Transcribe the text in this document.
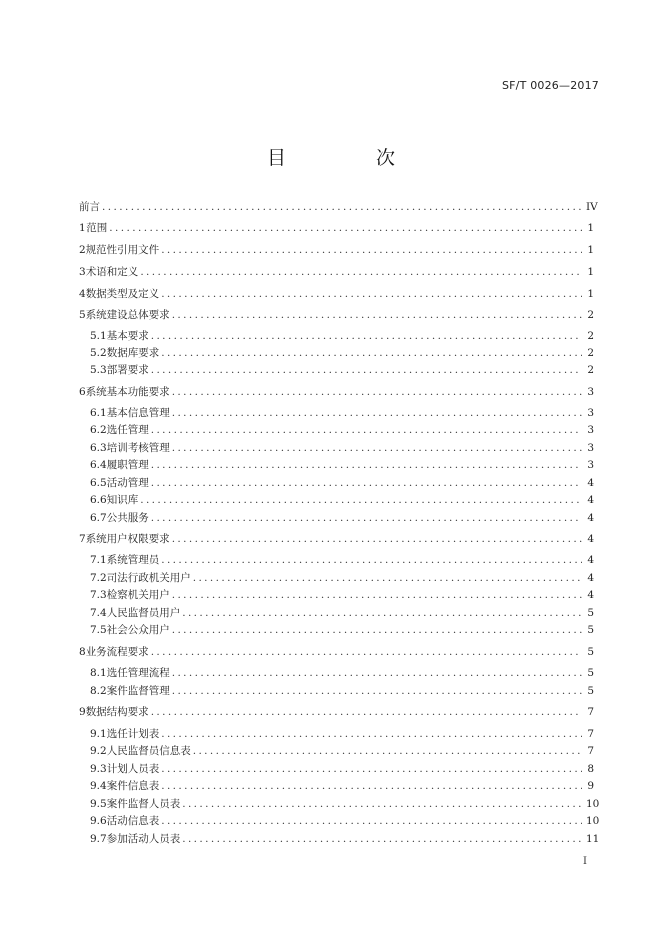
SF/T 0026—2017
目 次
前言 .....	IV
1 范围 .....	1
2 规范性引用文件 .....	1
3 术语和定义 .....	1
4 数据类型及定义 .....	1
5 系统建设总体要求 .....	2
5.1 基本要求 .....	2
5.2 数据库要求 .....	2
5.3 部署要求 .....	2
6 系统基本功能要求 .....	3
6.1 基本信息管理 .....	3
6.2 选任管理 .....	3
6.3 培训考核管理 .....	3
6.4 履职管理 .....	3
6.5 活动管理 .....	4
6.6 知识库 .....	4
6.7 公共服务 .....	4
7 系统用户权限要求 .....	4
7.1 系统管理员 .....	4
7.2 司法行政机关用户 .....	4
7.3 检察机关用户 .....	4
7.4 人民监督员用户 .....	5
7.5 社会公众用户 .....	5
8 业务流程要求 .....	5
8.1 选任管理流程 .....	5
8.2 案件监督管理 .....	5
9 数据结构要求 .....	7
9.1 选任计划表 .....	7
9.2 人民监督员信息表 .....	7
9.3 计划人员表 .....	8
9.4 案件信息表 .....	9
9.5 案件监督人员表 .....	10
9.6 活动信息表 .....	10
9.7 参加活动人员表 .....	11
I
